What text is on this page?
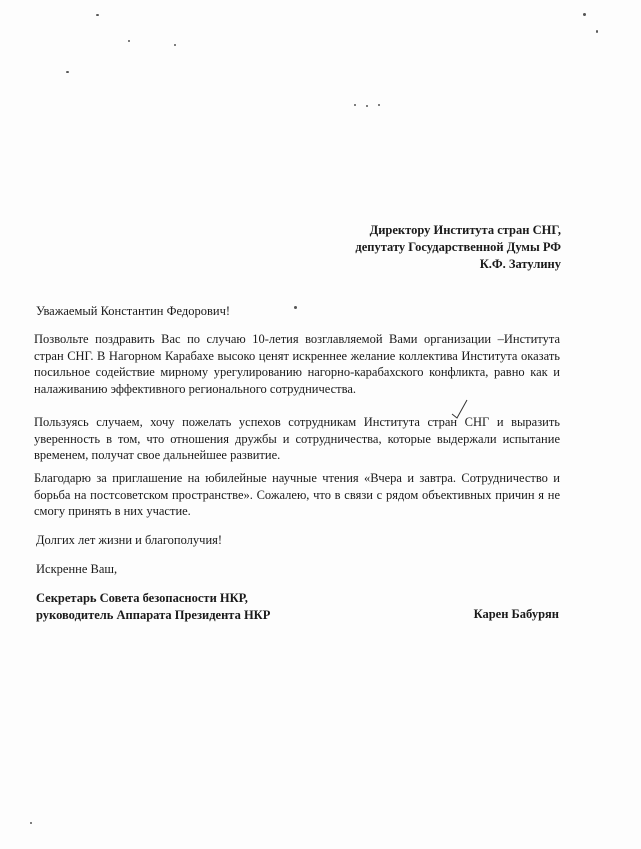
Директору Института стран СНГ,
депутату Государственной Думы РФ
К.Ф. Затулину
Уважаемый Константин Федорович!
Позвольте поздравить Вас по случаю 10-летия возглавляемой Вами организации –Института стран СНГ. В Нагорном Карабахе высоко ценят искреннее желание коллектива Института оказать посильное содействие мирному урегулированию нагорно-карабахского конфликта, равно как и налаживанию эффективного регионального сотрудничества.
Пользуясь случаем, хочу пожелать успехов сотрудникам Института стран СНГ и выразить уверенность в том, что отношения дружбы и сотрудничества, которые выдержали испытание временем, получат свое дальнейшее развитие.
Благодарю за приглашение на юбилейные научные чтения «Вчера и завтра. Сотрудничество и борьба на постсоветском пространстве». Сожалею, что в связи с рядом объективных причин я не смогу принять в них участие.
Долгих лет жизни и благополучия!
Искренне Ваш,
Секретарь Совета безопасности НКР,
руководитель Аппарата Президента НКР	Карен Бабурян
